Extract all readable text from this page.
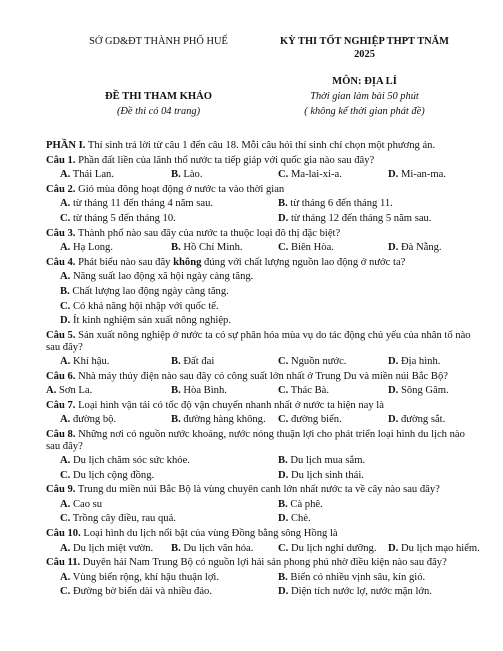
SỞ GD&ĐT THÀNH PHỐ HUẾ	KỲ THI TỐT NGHIỆP THPT TNĂM
2025
MÔN: ĐỊA LÍ
ĐỀ THI THAM KHẢO
(Đề thi có 04 trang)
Thời gian làm bài 50 phút
( không kể thời gian phát đề)
PHẦN I. Thí sinh trả lời từ câu 1 đến câu 18. Mỗi câu hỏi thí sinh chỉ chọn một phương án.
Câu 1. Phần đất liền của lãnh thổ nước ta tiếp giáp với quốc gia nào sau đây?
A. Thái Lan.	B. Lào.	C. Ma-lai-xi-a.	D. Mi-an-ma.
Câu 2. Gió mùa đông hoạt động ở nước ta vào thời gian
A. từ tháng 11 đến tháng 4 năm sau.	B. từ tháng 6 đến tháng 11.
C. từ tháng 5 đến tháng 10.	D. từ tháng 12 đến tháng 5 năm sau.
Câu 3. Thành phố nào sau đây của nước ta thuộc loại đô thị đặc biệt?
A. Hạ Long.	B. Hồ Chí Minh.	C. Biên Hòa.	D. Đà Nẵng.
Câu 4. Phát biểu nào sau đây không đúng với chất lượng nguồn lao động ở nước ta?
A. Năng suất lao động xã hội ngày càng tăng.
B. Chất lượng lao động ngày càng tăng.
C. Có khả năng hội nhập với quốc tế.
D. Ít kinh nghiệm sản xuất nông nghiệp.
Câu 5. Sản xuất nông nghiệp ở nước ta có sự phân hóa mùa vụ do tác động chủ yếu của nhân tố nào sau đây?
A. Khí hậu.	B. Đất đai	C. Nguồn nước.	D. Địa hình.
Câu 6. Nhà máy thủy điện nào sau đây có công suất lớn nhất ở Trung Du và miền núi Bắc Bộ?
A. Sơn La.	B. Hòa Bình.	C. Thác Bà.	D. Sông Gâm.
Câu 7. Loại hình vận tải có tốc độ vận chuyển nhanh nhất ở nước ta hiện nay là
A. đường bộ.	B. đường hàng không. C. đường biển.	D. đường sắt.
Câu 8. Những nơi có nguồn nước khoáng, nước nóng thuận lợi cho phát triển loại hình du lịch nào sau đây?
A. Du lịch chăm sóc sức khỏe.	B. Du lịch mua sắm.
C. Du lịch cộng đồng.	D. Du lịch sinh thái.
Câu 9. Trung du miền núi Bắc Bộ là vùng chuyên canh lớn nhất nước ta về cây nào sau đây?
A. Cao su	B. Cà phê.
C. Trồng cây điều, rau quả.	D. Chè.
Câu 10. Loại hình du lịch nổi bật của vùng Đồng bằng sông Hồng là
A. Du lịch miệt vườn. B. Du lịch văn hóa. C. Du lịch nghỉ dưỡng. D. Du lịch mạo hiểm.
Câu 11. Duyên hải Nam Trung Bộ có nguồn lợi hải sản phong phú nhờ điều kiện nào sau đây?
A. Vùng biển rộng, khí hậu thuận lợi.	B. Biển có nhiều vịnh sâu, kín gió.
C. Đường bờ biển dài và nhiều đảo.	D. Diện tích nước lợ, nước mặn lớn.
